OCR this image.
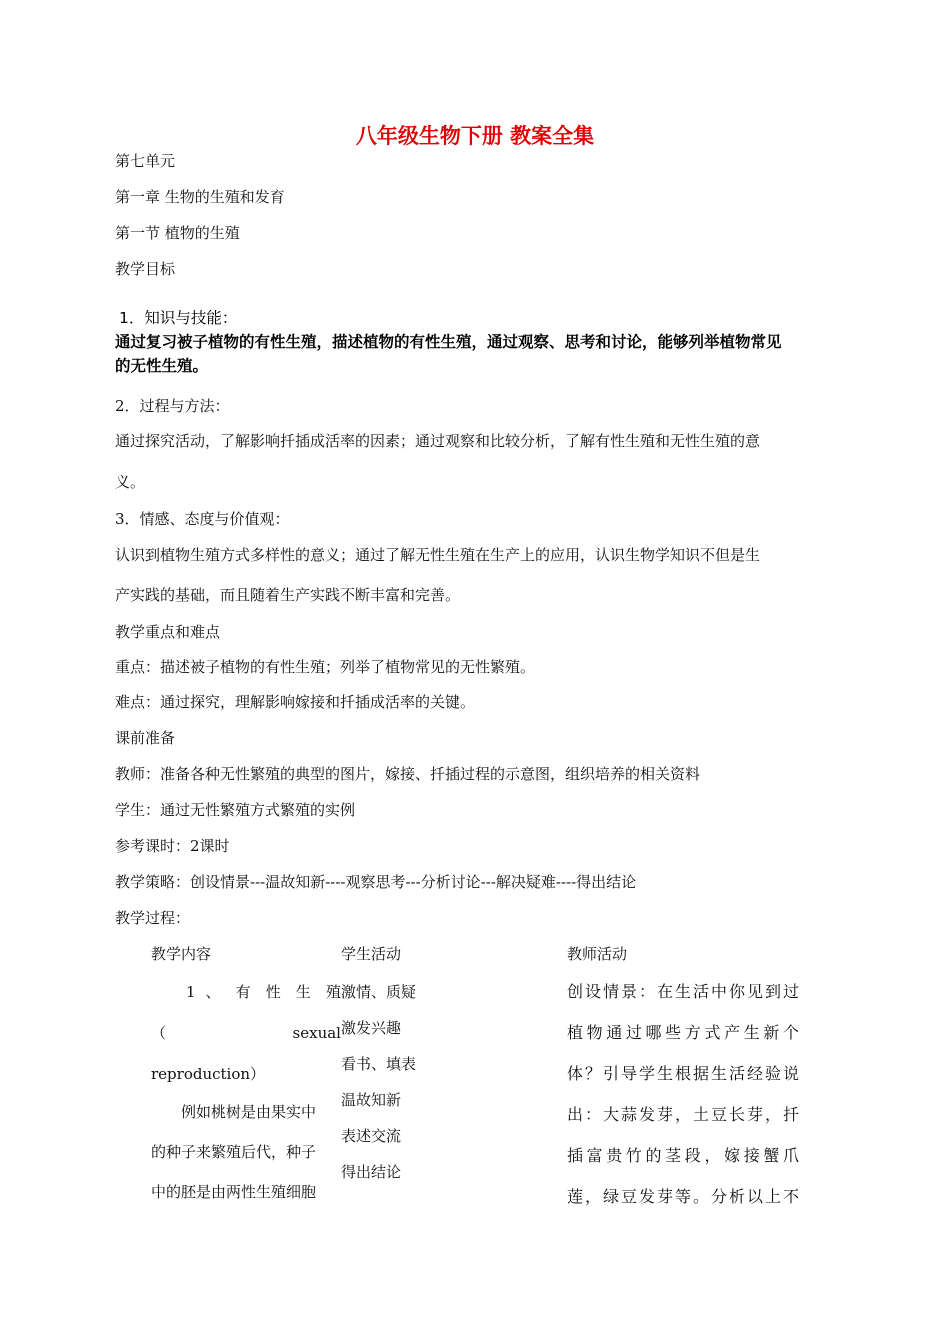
八年级生物下册 教案全集
第七单元
第一章 生物的生殖和发育
第一节 植物的生殖
教学目标

1．知识与技能：

通过复习被子植物的有性生殖，描述植物的有性生殖，通过观察、思考和讨论，能够列举植物常见

的无性生殖。

2．过程与方法：
通过探究活动，了解影响扦插成活率的因素；通过观察和比较分析，了解有性生殖和无性生殖的意
义。
3．情感、态度与价值观：
认识到植物生殖方式多样性的意义；通过了解无性生殖在生产上的应用，认识生物学知识不但是生
产实践的基础，而且随着生产实践不断丰富和完善。
教学重点和难点
重点：描述被子植物的有性生殖；列举了植物常见的无性繁殖。
难点：通过探究，理解影响嫁接和扦插成活率的关键。
课前准备
教师：准备各种无性繁殖的典型的图片，嫁接、扦插过程的示意图，组织培养的相关资料
学生：通过无性繁殖方式繁殖的实例
参考课时：2课时
教学策略：创设情景---温故知新----观察思考---分析讨论---解决疑难----得出结论
教学过程：
教学内容
1 、 有 性 生 殖
（ sexual
reproduction）
例如桃树是由果实中
的种子来繁殖后代，种子
中的胚是由两性生殖细胞
学生活动
激情、质疑
激发兴趣
看书、填表
温故知新
表述交流
得出结论
教师活动
创设情景：在生活中你见到过
植物通过哪些方式产生新个
体？引导学生根据生活经验说
出：大蒜发芽，土豆长芽，扦
插富贵竹的茎段，嫁接蟹爪
莲，绿豆发芽等。分析以上不
